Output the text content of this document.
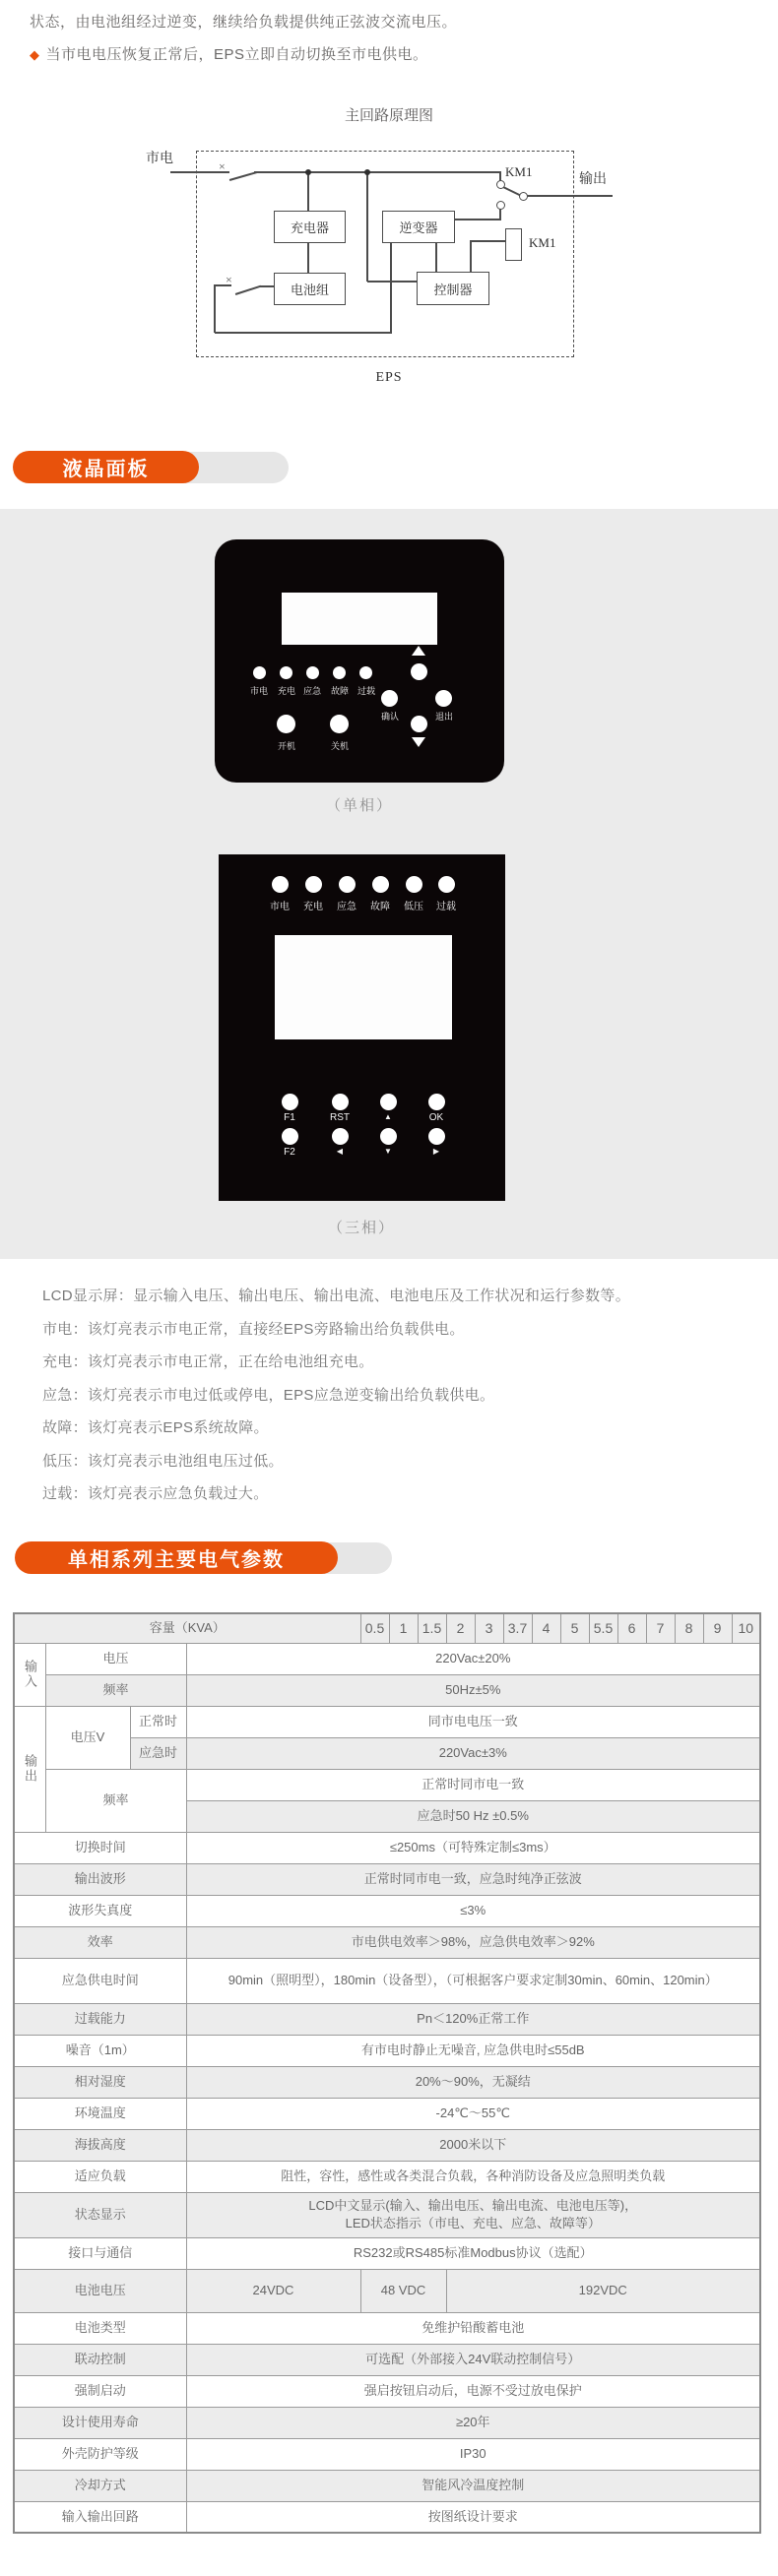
状态，由电池组经过逆变，继续给负载提供纯正弦波交流电压。

◆ 当市电电压恢复正常后，EPS立即自动切换至市电供电。

主回路原理图
×
×
充电器	逆变器
电池组	控制器
市电
KM1
输出
KM1
EPS
液晶面板
市电	充电 应急	故障 过载
确认	退出
开机	关机
（单相）
市电	充电	应急	故障	低压	过载
F1	RST	▲	OK
F2	◀	▼	▶
（三相）

LCD显示屏：显示输入电压、输出电压、输出电流、电池电压及工作状况和运行参数等。

市电：该灯亮表示市电正常，直接经EPS旁路输出给负载供电。

充电：该灯亮表示市电正常，正在给电池组充电。

应急：该灯亮表示市电过低或停电，EPS应急逆变输出给负载供电。

故障：该灯亮表示EPS系统故障。

低压：该灯亮表示电池组电压过低。

过载：该灯亮表示应急负载过大。

单相系列主要电气参数
容量（KVA）				0.5	1	1.5	2	3	3.7	4	5	5.5	6	7	8	9	10

输入	电压		220Vac±20%														
	频率		50Hz±5%														

输出	电压V	正常时	同市电电压一致														
		应急时	220Vac±3%														
	频率		正常时同市电一致														
			应急时50 Hz ±0.5%														
切换时间			≤250ms（可特殊定制≤3ms）														
输出波形			正常时同市电一致，应急时纯净正弦波														
波形失真度			≤3%														
效率			市电供电效率＞98%，应急供电效率＞92%														
应急供电时间			90min（照明型），180min（设备型），（可根据客户要求定制30min、60min、120min）														
过载能力			Pn＜120%正常工作														
噪音（1m）			有市电时静止无噪音, 应急供电时≤55dB														
相对湿度			20%～90%，无凝结														
环境温度			-24℃～55℃														
海拔高度			2000米以下														
适应负载			阻性，容性，感性或各类混合负载，各种消防设备及应急照明类负载														
状态显示			LCD中文显示(输入、输出电压、输出电流、电池电压等)，
LED状态指示（市电、充电、应急、故障等）														

接口与通信			RS232或RS485标准Modbus协议（选配）														
电池电压			24VDC	48 VDC			192VDC										
电池类型			免维护铅酸蓄电池														
联动控制			可选配（外部接入24V联动控制信号）														
强制启动			强启按钮启动后，电源不受过放电保护														
设计使用寿命			≥20年														
外壳防护等级			IP30														
冷却方式			智能风冷温度控制														
输入输出回路			按图纸设计要求														
